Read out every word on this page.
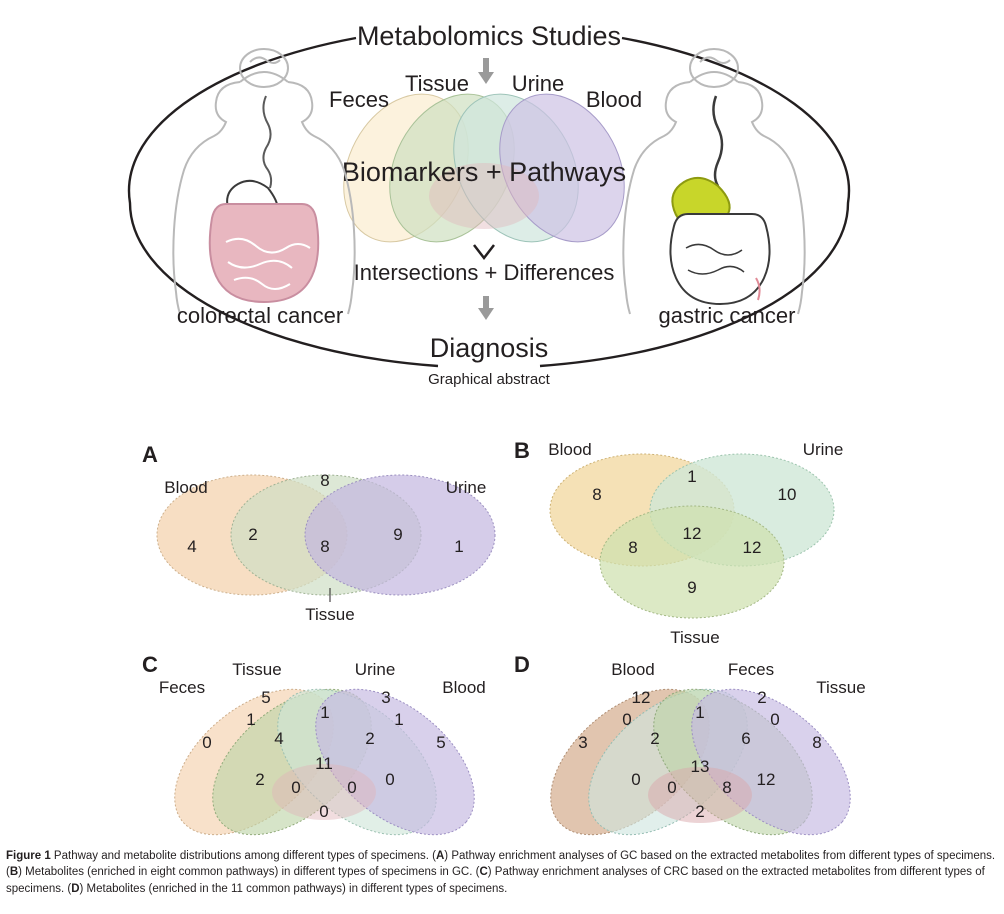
Metabolomics Studies
Feces
Tissue Urine
Blood
Biomarkers + Pathways
Intersections + Differences
Diagnosis
Graphical abstract
colorectal cancer	gastric cancer
A
Blood	Urine
Tissue
8
4
2
8
9
1
B Blood	Urine
Tissue
8
1
10
8
12
12
9
C
Feces
Tissue	Urine
Blood
0
5	3
5
1	1	1
4	2
11
2	0
0	0
0
D	Blood	Feces
Tissue
3
12	2
8
0	1	0
2	6
0
13
12
0	8
2
Figure 1 Pathway and metabolite distributions among different types of specimens. (A) Pathway enrichment analyses of GC based on the extracted metabolites from different types of specimens. (B) Metabolites (enriched in eight common pathways) in different types of specimens in GC. (C) Pathway enrichment analyses of CRC based on the extracted metabolites from different types of specimens. (D) Metabolites (enriched in the 11 common pathways) in different types of specimens.
